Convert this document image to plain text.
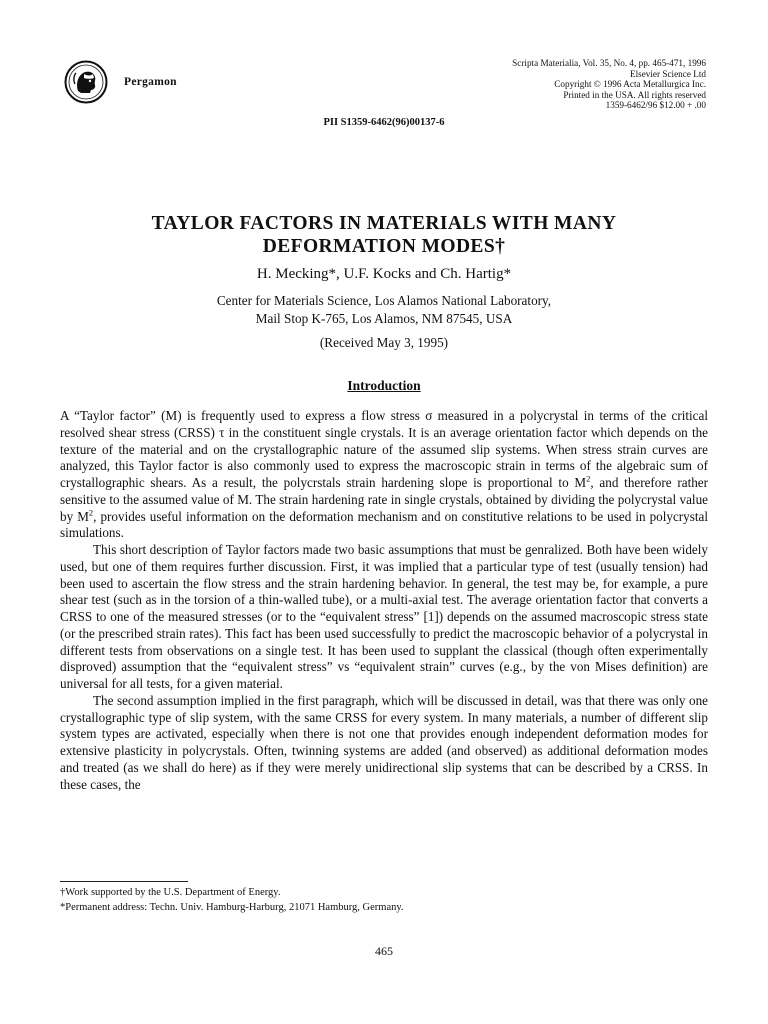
Pergamon
Scripta Materialia, Vol. 35, No. 4, pp. 465-471, 1996
Elsevier Science Ltd
Copyright © 1996 Acta Metallurgica Inc.
Printed in the USA. All rights reserved
1359-6462/96 $12.00 + .00
PII S1359-6462(96)00137-6
TAYLOR FACTORS IN MATERIALS WITH MANY
DEFORMATION MODES†
H. Mecking*, U.F. Kocks and Ch. Hartig*
Center for Materials Science, Los Alamos National Laboratory,
Mail Stop K-765, Los Alamos, NM 87545, USA
(Received May 3, 1995)
Introduction

A “Taylor factor” (M) is frequently used to express a flow stress σ measured in a polycrystal in terms of the critical resolved shear stress (CRSS) τ in the constituent single crystals. It is an average orientation factor which depends on the texture of the material and on the crystallographic nature of the assumed slip systems. When stress strain curves are analyzed, this Taylor factor is also commonly used to express the macroscopic strain in terms of the algebraic sum of crystallographic shears. As a result, the polycrstals strain hardening slope is proportional to $M^2$, and therefore rather sensitive to the assumed value of M. The strain hardening rate in single crystals, obtained by dividing the polycrystal value by $M^2$, provides useful information on the deformation mechanism and on constitutive relations to be used in polycrystal simulations.

This short description of Taylor factors made two basic assumptions that must be genralized. Both have been widely used, but one of them requires further discussion. First, it was implied that a particular type of test (usually tension) had been used to ascertain the flow stress and the strain hardening behavior. In general, the test may be, for example, a pure shear test (such as in the torsion of a thin-walled tube), or a multi-axial test. The average orientation factor that converts a CRSS to one of the measured stresses (or to the “equivalent stress” [1]) depends on the assumed macroscopic stress state (or the prescribed strain rates). This fact has been used successfully to predict the macroscopic behavior of a polycrystal in different tests from observations on a single test. It has been used to supplant the classical (though often experimentally disproved) assumption that the “equivalent stress” vs “equivalent strain” curves (e.g., by the von Mises definition) are universal for all tests, for a given material.

The second assumption implied in the first paragraph, which will be discussed in detail, was that there was only one crystallographic type of slip system, with the same CRSS for every system. In many materials, a number of different slip system types are activated, especially when there is not one that provides enough independent deformation modes for extensive plasticity in polycrystals. Often, twinning systems are added (and observed) as additional deformation modes and treated (as we shall do here) as if they were merely unidirectional slip systems that can be described by a CRSS. In these cases, the

†Work supported by the U.S. Department of Energy.
*Permanent address: Techn. Univ. Hamburg-Harburg, 21071 Hamburg, Germany.
465
